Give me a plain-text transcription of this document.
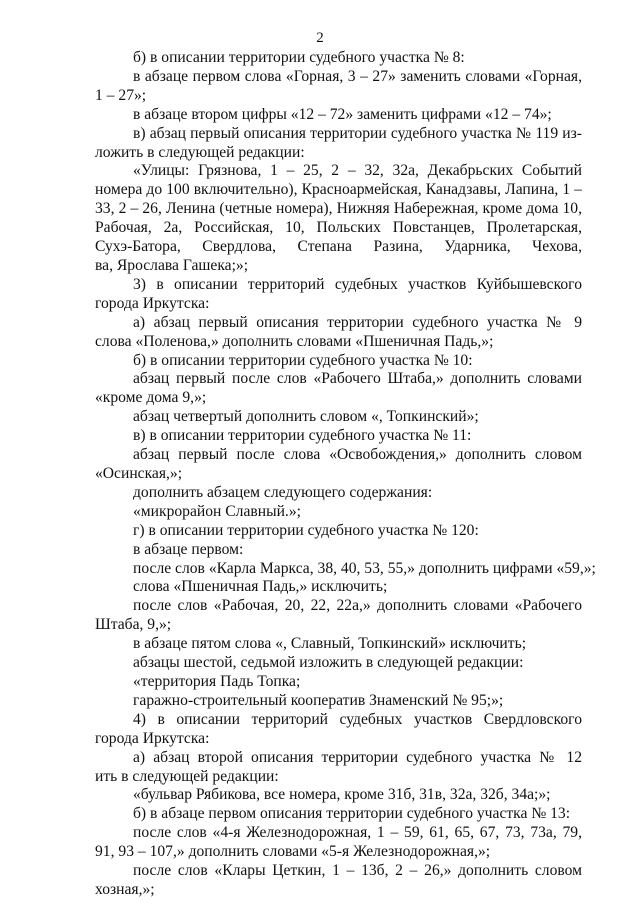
2
б) в описании территории судебного участка № 8:
в абзаце первом слова «Горная, 3 – 27» заменить словами «Горная,
1 – 27»;
в абзаце втором цифры «12 – 72» заменить цифрами «12 – 74»;
в) абзац первый описания территории судебного участка № 119 из-
ложить в следующей редакции:
«Улицы: Грязнова, 1 – 25, 2 – 32, 32а, Декабрьских Событий
номера до 100 включительно), Красноармейская, Канадзавы, Лапина, 1 –
33, 2 – 26, Ленина (четные номера), Нижняя Набережная, кроме дома 10,
Рабочая, 2а, Российская, 10, Польских Повстанцев, Пролетарская,
Сухэ-Батора, Свердлова, Степана Разина, Ударника, Чехова,
ва, Ярослава Гашека;»;
3) в описании территорий судебных участков Куйбышевского
города Иркутска:
а) абзац первый описания территории судебного участка № 9
слова «Поленова,» дополнить словами «Пшеничная Падь,»;
б) в описании территории судебного участка № 10:
абзац первый после слов «Рабочего Штаба,» дополнить словами
«кроме дома 9,»;
абзац четвертый дополнить словом «, Топкинский»;
в) в описании территории судебного участка № 11:
абзац первый после слова «Освобождения,» дополнить словом
«Осинская,»;
дополнить абзацем следующего содержания:
«микрорайон Славный.»;
г) в описании территории судебного участка № 120:
в абзаце первом:
после слов «Карла Маркса, 38, 40, 53, 55,» дополнить цифрами «59,»;
слова «Пшеничная Падь,» исключить;
после слов «Рабочая, 20, 22, 22а,» дополнить словами «Рабочего
Штаба, 9,»;
в абзаце пятом слова «, Славный, Топкинский» исключить;
абзацы шестой, седьмой изложить в следующей редакции:
«территория Падь Топка;
гаражно-строительный кооператив Знаменский № 95;»;
4) в описании территорий судебных участков Свердловского
города Иркутска:
а) абзац второй описания территории судебного участка № 12
ить в следующей редакции:
«бульвар Рябикова, все номера, кроме 31б, 31в, 32а, 32б, 34а;»;
б) в абзаце первом описания территории судебного участка № 13:
после слов «4-я Железнодорожная, 1 – 59, 61, 65, 67, 73, 73а, 79,
91, 93 – 107,» дополнить словами «5-я Железнодорожная,»;
после слов «Клары Цеткин, 1 – 13б, 2 – 26,» дополнить словом
хозная,»;
